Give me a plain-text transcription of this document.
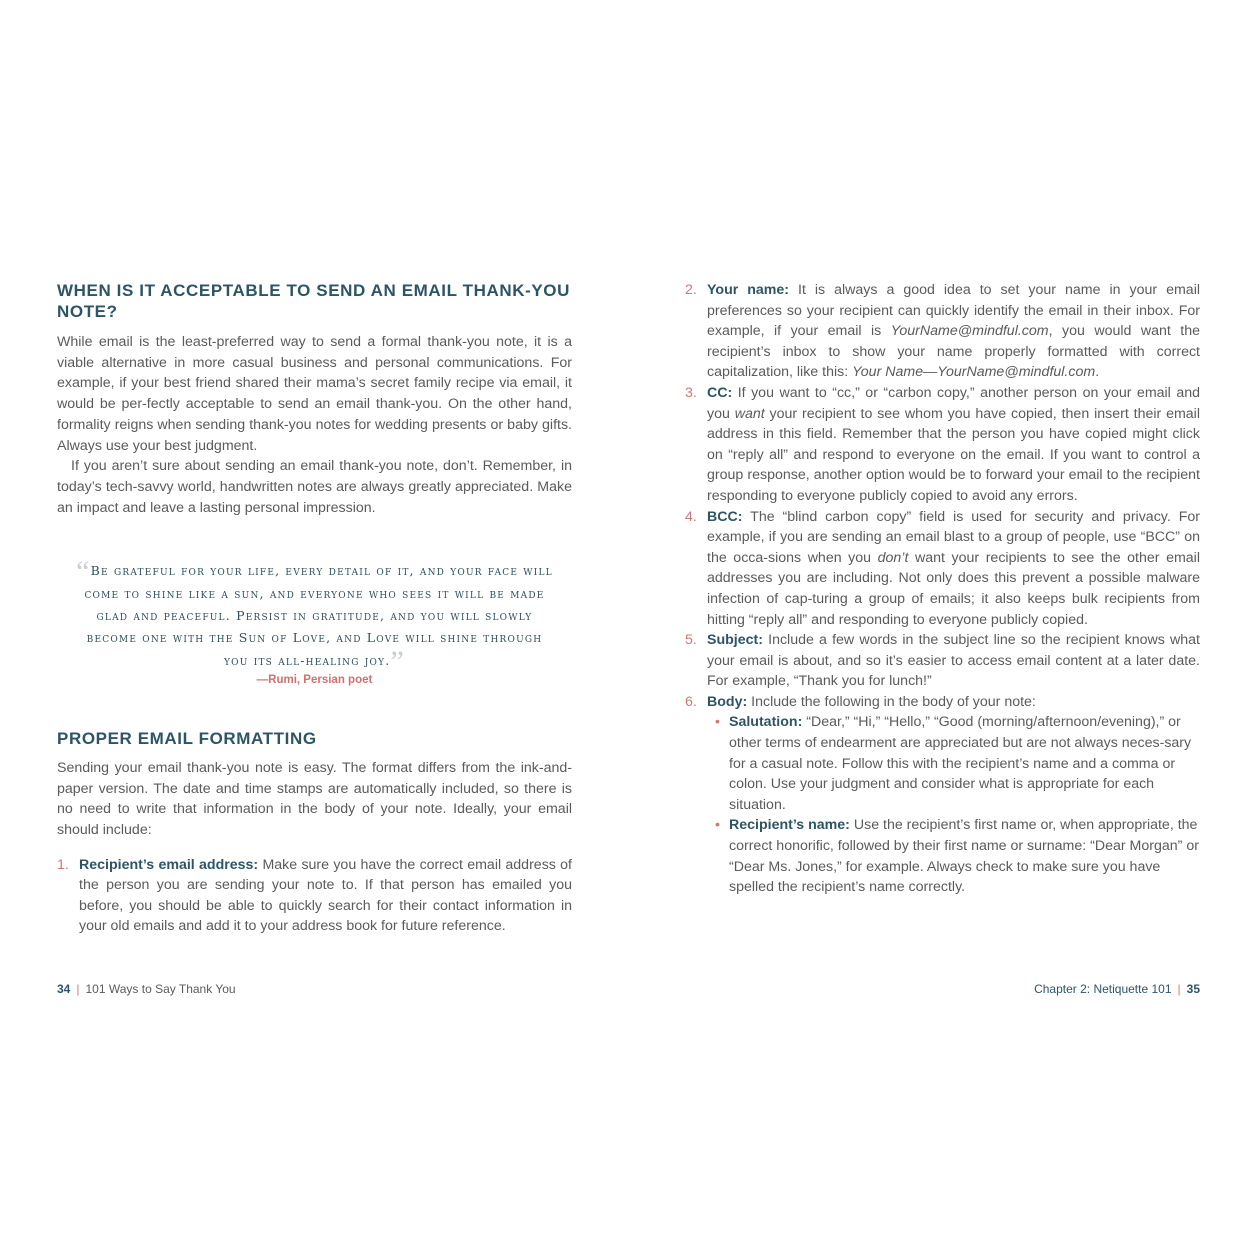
WHEN IS IT ACCEPTABLE TO SEND AN EMAIL THANK-YOU NOTE?

While email is the least-preferred way to send a formal thank-you note, it is a viable alternative in more casual business and personal communications. For example, if your best friend shared their mama’s secret family recipe via email, it would be per-fectly acceptable to send an email thank-you. On the other hand, formality reigns when sending thank-you notes for wedding presents or baby gifts. Always use your best judgment.

If you aren’t sure about sending an email thank-you note, don’t. Remember, in today’s tech-savvy world, handwritten notes are always greatly appreciated. Make an impact and leave a lasting personal impression.

“Be grateful for your life, every detail of it, and your face will come to shine like a sun, and everyone who sees it will be made glad and peaceful. Persist in gratitude, and you will slowly become one with the Sun of Love, and Love will shine through you its all-healing joy.”
—Rumi, Persian poet
PROPER EMAIL FORMATTING

Sending your email thank-you note is easy. The format differs from the ink-and-paper version. The date and time stamps are automatically included, so there is no need to write that information in the body of your note. Ideally, your email should include:

1. Recipient’s email address: Make sure you have the correct email address of the person you are sending your note to. If that person has emailed you before, you should be able to quickly search for their contact information in your old emails and add it to your address book for future reference.
2. Your name: It is always a good idea to set your name in your email preferences so your recipient can quickly identify the email in their inbox. For example, if your email is YourName@mindful.com, you would want the recipient’s inbox to show your name properly formatted with correct capitalization, like this: Your Name—YourName@mindful.com.
3. CC: If you want to “cc,” or “carbon copy,” another person on your email and you want your recipient to see whom you have copied, then insert their email address in this field. Remember that the person you have copied might click on “reply all” and respond to everyone on the email. If you want to control a group response, another option would be to forward your email to the recipient responding to everyone publicly copied to avoid any errors.
4. BCC: The “blind carbon copy” field is used for security and privacy. For example, if you are sending an email blast to a group of people, use “BCC” on the occa-sions when you don’t want your recipients to see the other email addresses you are including. Not only does this prevent a possible malware infection of cap-turing a group of emails; it also keeps bulk recipients from hitting “reply all” and responding to everyone publicly copied.
5. Subject: Include a few words in the subject line so the recipient knows what your email is about, and so it’s easier to access email content at a later date. For example, “Thank you for lunch!”
6. Body: Include the following in the body of your note:
• Salutation: “Dear,” “Hi,” “Hello,” “Good (morning/afternoon/evening),” or other terms of endearment are appreciated but are not always neces-sary for a casual note. Follow this with the recipient’s name and a comma or colon. Use your judgment and consider what is appropriate for each situation.
• Recipient’s name: Use the recipient’s first name or, when appropriate, the correct honorific, followed by their first name or surname: “Dear Morgan” or “Dear Ms. Jones,” for example. Always check to make sure you have spelled the recipient’s name correctly.
34 | 101 Ways to Say Thank You	Chapter 2: Netiquette 101 | 35
